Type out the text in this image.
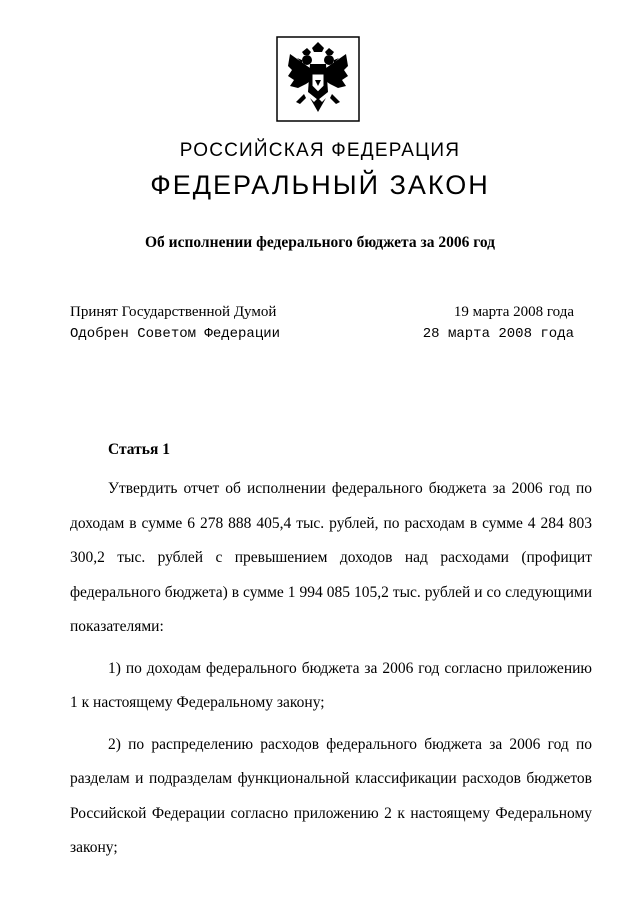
РОССИЙСКАЯ ФЕДЕРАЦИЯ
ФЕДЕРАЛЬНЫЙ ЗАКОН
Об исполнении федерального бюджета за 2006 год
Принят Государственной Думой	19 марта 2008 года
Одобрен Советом Федерации	28 марта 2008 года
Статья 1

Утвердить отчет об исполнении федерального бюджета за 2006 год по доходам в сумме 6 278 888 405,4 тыс. рублей, по расходам в сумме 4 284 803 300,2 тыс. рублей с превышением доходов над расходами (профицит федерального бюджета) в сумме 1 994 085 105,2 тыс. рублей и со следующими показателями:

1) по доходам федерального бюджета за 2006 год согласно приложению 1 к настоящему Федеральному закону;

2) по распределению расходов федерального бюджета за 2006 год по разделам и подразделам функциональной классификации расходов бюджетов Российской Федерации согласно приложению 2 к настоящему Федеральному закону;
